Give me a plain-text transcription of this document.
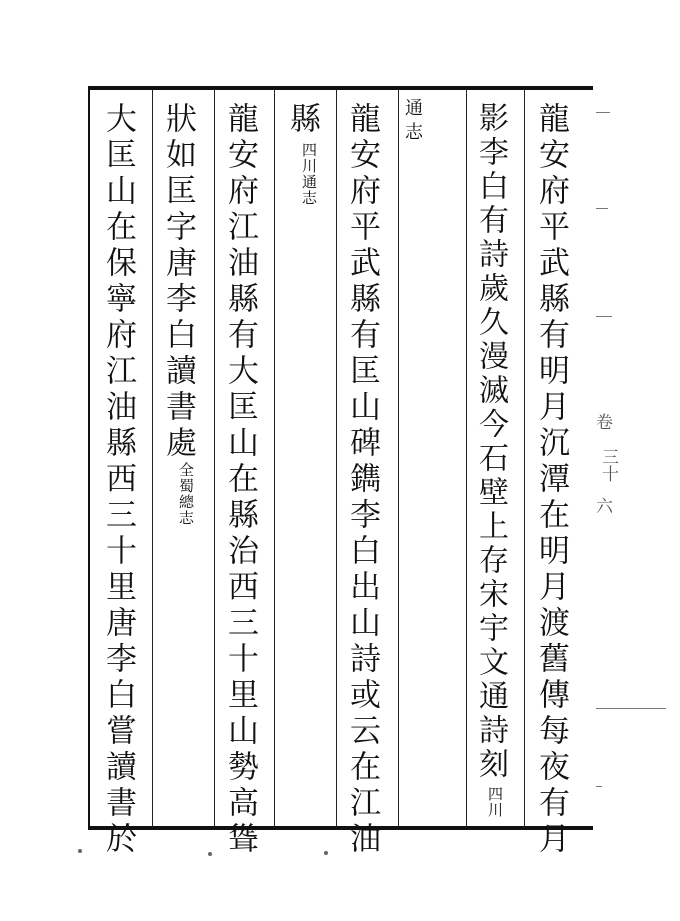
龍安府平武縣有明月沉潭在明月渡舊傳每夜有月
影李白有詩歲久漫滅今石壁上存宋宇文通詩刻
四川
通志
龍安府平武縣有匡山碑鐫李白出山詩或云在江油
縣
四川通志
龍安府江油縣有大匡山在縣治西三十里山勢高聳
狀如匡字唐李白讀書處
全蜀總志
大匡山在保寧府江油縣西三十里唐李白嘗讀書於	卷
三十
六
